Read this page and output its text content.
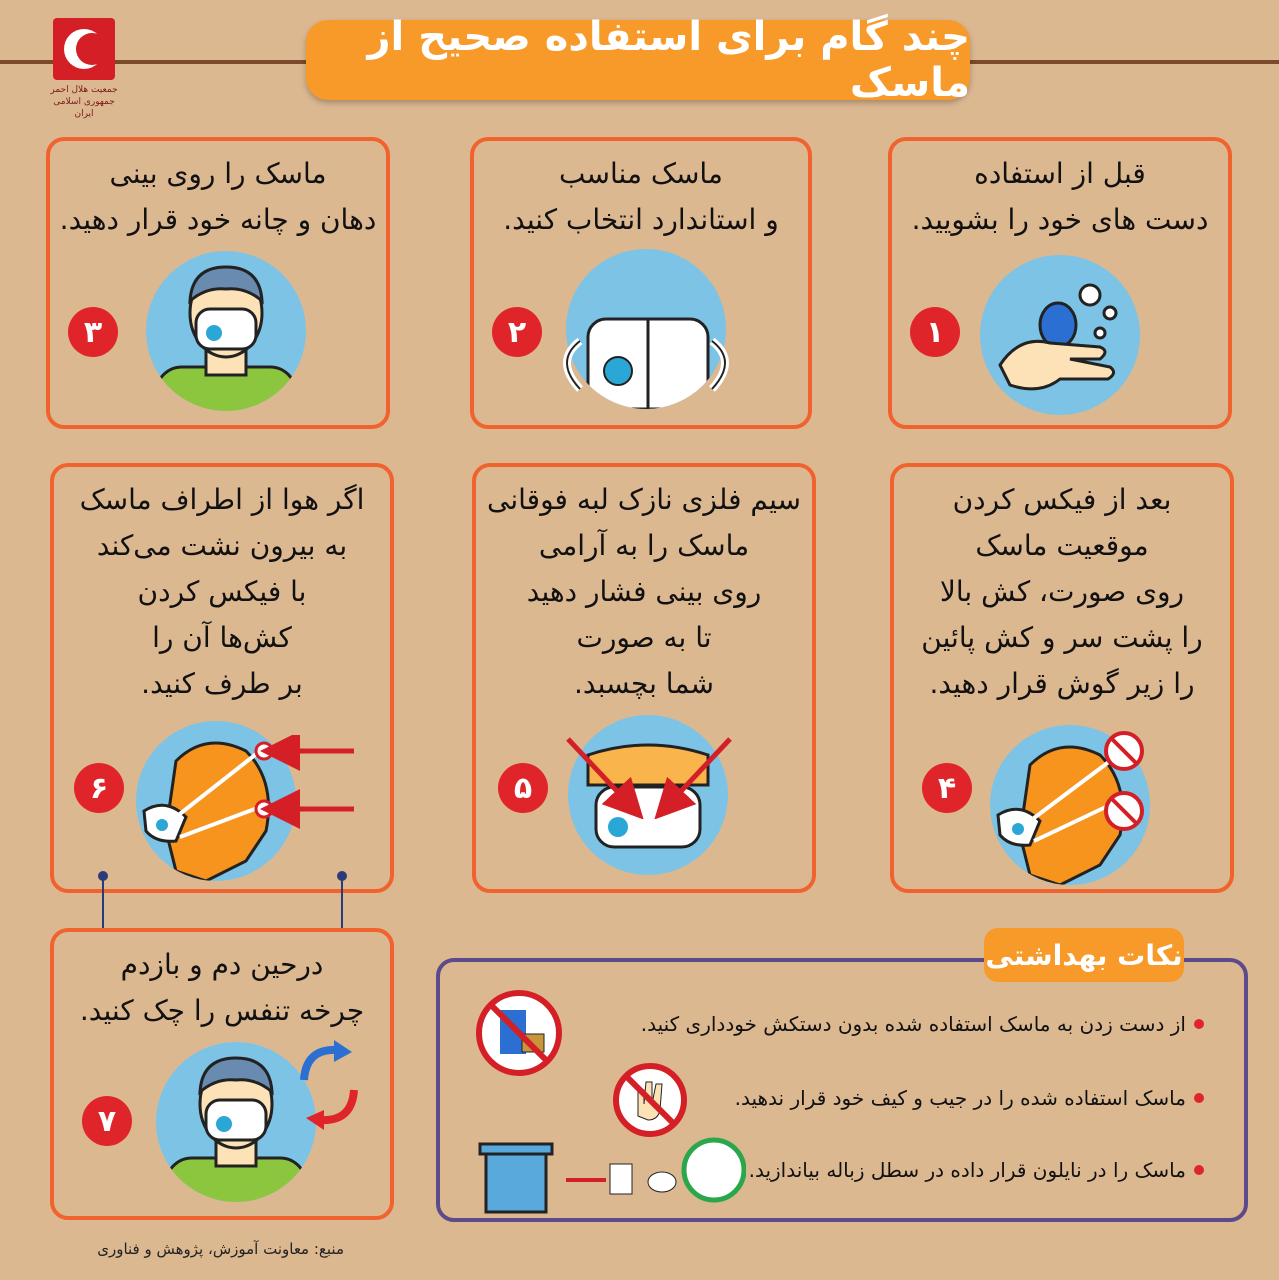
جمعیت هلال احمر
جمهوری اسلامی ایران
چند گام برای استفاده صحیح از ماسک
قبل از استفاده
دست های خود را بشویید.
۱
ماسک مناسب
و استاندارد انتخاب کنید.
۲
ماسک را روی بینی
دهان و چانه خود قرار دهید.
۳
بعد از فیکس کردن
موقعیت ماسک
روی صورت، کش بالا
را پشت سر و کش پائین
را زیر گوش قرار دهید.
۴
سیم فلزی نازک لبه فوقانی
ماسک را به آرامی
روی بینی فشار دهید
تا به صورت
شما بچسبد.
۵
اگر هوا از اطراف ماسک
به بیرون نشت می‌کند
با فیکس کردن
کش‌ها آن را
بر طرف کنید.
۶
درحین دم و بازدم
چرخه تنفس را چک کنید.
۷
از دست زدن به ماسک استفاده شده بدون دستکش خودداری کنید.
ماسک استفاده شده را در جیب و کیف خود قرار ندهید.
ماسک را در نایلون قرار داده در سطل زباله بیاندازید.
نکات بهداشتی
منبع: معاونت آموزش، پژوهش و فناوری
